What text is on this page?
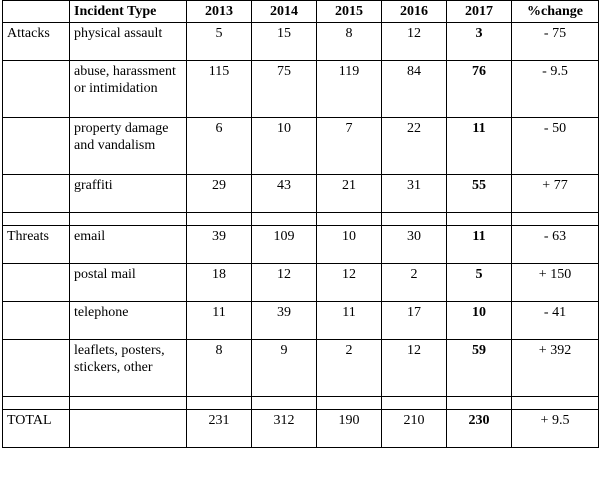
	Incident Type	2013	2014	2015	2016	2017	%change
Attacks	physical assault	5	15	8	12	3	- 75
	abuse, harassment or intimidation	115	75	119	84	76	- 9.5
	property damage and vandalism	6	10	7	22	11	- 50
	graffiti	29	43	21	31	55	+ 77

Threats	email	39	109	10	30	11	- 63
	postal mail	18	12	12	2	5	+ 150
	telephone	11	39	11	17	10	- 41
	leaflets, posters, stickers, other	8	9	2	12	59	+ 392

TOTAL		231	312	190	210	230	+ 9.5
